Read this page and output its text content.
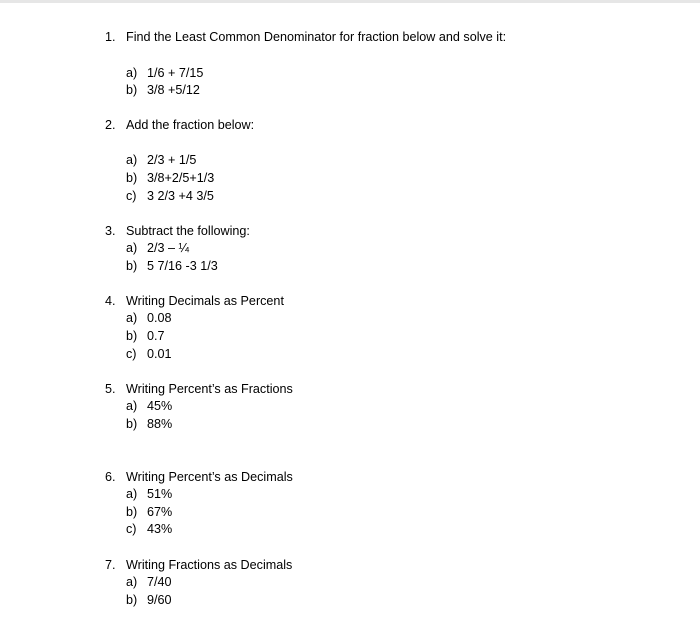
1. Find the Least Common Denominator for fraction below and solve it:

a) 1/6 + 7/15

b) 3/8 +5/12

2. Add the fraction below:

a) 2/3 + 1/5

b) 3/8+2/5+1/3

c) 3 2/3 +4 3/5

3. Subtract the following:

a) 2/3 – ¼

b) 5 7/16 -3 1/3

4. Writing Decimals as Percent

a) 0.08

b) 0.7

c) 0.01

5. Writing Percent’s as Fractions

a) 45%

b) 88%

6. Writing Percent’s as Decimals

a) 51%

b) 67%

c) 43%

7. Writing Fractions as Decimals

a) 7/40

b) 9/60
